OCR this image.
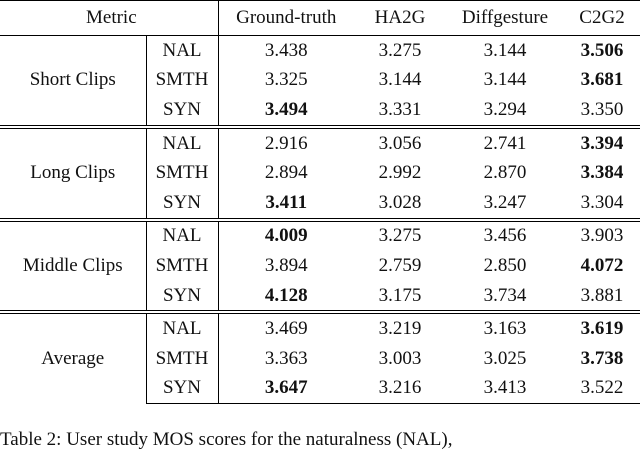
Metric		Ground-truth	HA2G	Diffgesture	C2G2
Short Clips	NAL	3.438	3.275	3.144	3.506
	SMTH	3.325	3.144	3.144	3.681
	SYN	3.494	3.331	3.294	3.350
Long Clips	NAL	2.916	3.056	2.741	3.394
	SMTH	2.894	2.992	2.870	3.384
	SYN	3.411	3.028	3.247	3.304
Middle Clips	NAL	4.009	3.275	3.456	3.903
	SMTH	3.894	2.759	2.850	4.072
	SYN	4.128	3.175	3.734	3.881
Average	NAL	3.469	3.219	3.163	3.619
	SMTH	3.363	3.003	3.025	3.738
	SYN	3.647	3.216	3.413	3.522
Table 2: User study MOS scores for the naturalness (NAL),
